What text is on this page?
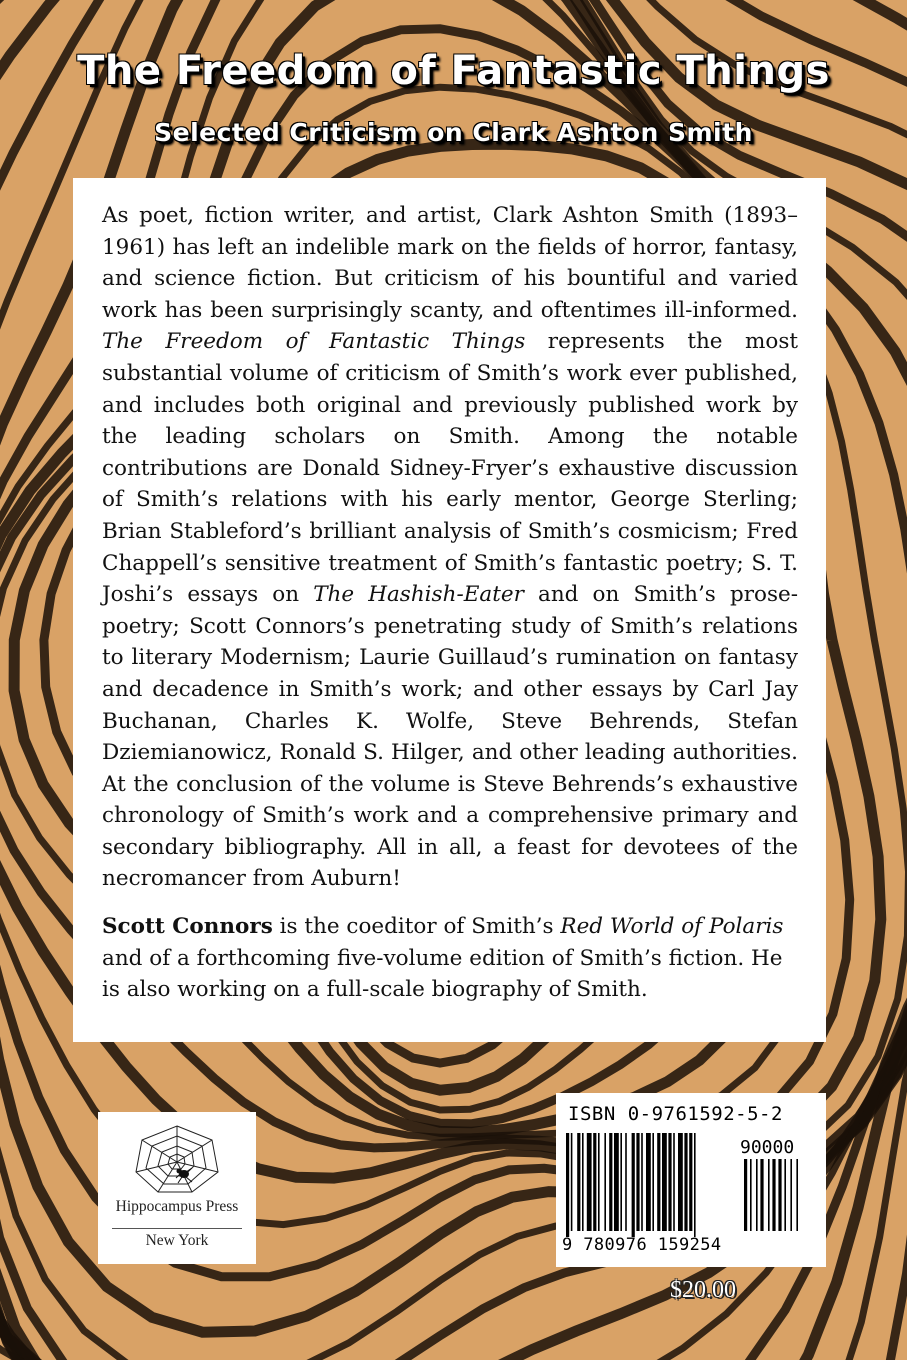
The Freedom of Fantastic Things
Selected Criticism on Clark Ashton Smith

As poet, fiction writer, and artist, Clark Ashton Smith (1893–1961) has left an indelible mark on the fields of horror, fantasy, and science fiction. But criticism of his bountiful and varied work has been surprisingly scanty, and oftentimes ill-informed. The Freedom of Fantastic Things represents the most substantial volume of criticism of Smith’s work ever published, and includes both original and previously published work by the leading scholars on Smith. Among the notable contributions are Donald Sidney-Fryer’s exhaustive discussion of Smith’s relations with his early mentor, George Sterling; Brian Stableford’s brilliant analysis of Smith’s cosmicism; Fred Chappell’s sensitive treatment of Smith’s fantastic poetry; S. T. Joshi’s essays on The Hashish-Eater and on Smith’s prose-poetry; Scott Connors’s penetrating study of Smith’s relations to literary Modernism; Laurie Guillaud’s rumination on fantasy and decadence in Smith’s work; and other essays by Carl Jay Buchanan, Charles K. Wolfe, Steve Behrends, Stefan Dziemianowicz, Ronald S. Hilger, and other leading authorities. At the conclusion of the volume is Steve Behrends’s exhaustive chronology of Smith’s work and a comprehensive primary and secondary bibliography. All in all, a feast for devotees of the necromancer from Auburn!

Scott Connors is the coeditor of Smith’s Red World of Polaris and of a forthcoming five-volume edition of Smith’s fiction. He is also working on a full-scale biography of Smith.

Hippocampus Press
New York
ISBN 0-9761592-5-2
90000
9 780976 159254
$20.00
